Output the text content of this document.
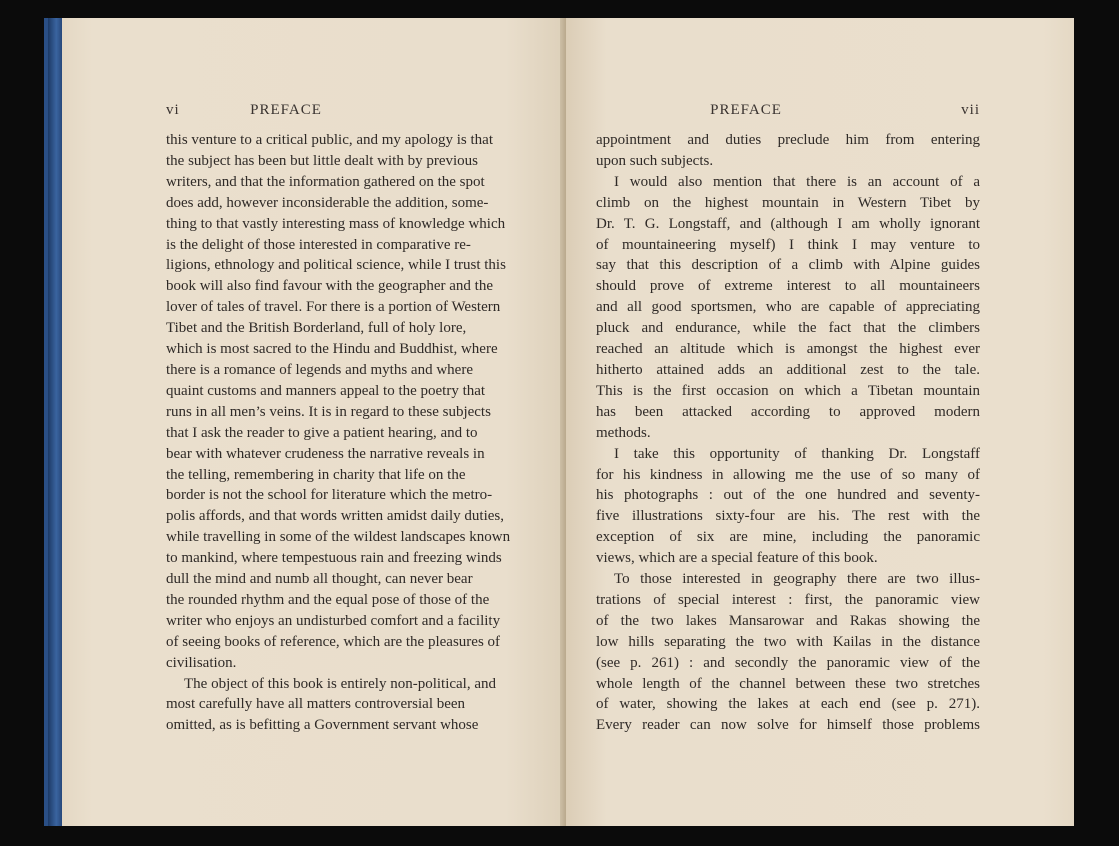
vi	PREFACE
this venture to a critical public, and my apology is that
the subject has been but little dealt with by previous
writers, and that the information gathered on the spot
does add, however inconsiderable the addition, some-
thing to that vastly interesting mass of knowledge which
is the delight of those interested in comparative re-
ligions, ethnology and political science, while I trust this
book will also find favour with the geographer and the
lover of tales of travel. For there is a portion of Western
Tibet and the British Borderland, full of holy lore,
which is most sacred to the Hindu and Buddhist, where
there is a romance of legends and myths and where
quaint customs and manners appeal to the poetry that
runs in all men’s veins. It is in regard to these subjects
that I ask the reader to give a patient hearing, and to
bear with whatever crudeness the narrative reveals in
the telling, remembering in charity that life on the
border is not the school for literature which the metro-
polis affords, and that words written amidst daily duties,
while travelling in some of the wildest landscapes known
to mankind, where tempestuous rain and freezing winds
dull the mind and numb all thought, can never bear
the rounded rhythm and the equal pose of those of the
writer who enjoys an undisturbed comfort and a facility
of seeing books of reference, which are the pleasures of
civilisation.
The object of this book is entirely non-political, and
most carefully have all matters controversial been
omitted, as is befitting a Government servant whose
PREFACE	vii
appointment and duties preclude him from entering
upon such subjects.
I would also mention that there is an account of a
climb on the highest mountain in Western Tibet by
Dr. T. G. Longstaff, and (although I am wholly ignorant
of mountaineering myself) I think I may venture to
say that this description of a climb with Alpine guides
should prove of extreme interest to all mountaineers
and all good sportsmen, who are capable of appreciating
pluck and endurance, while the fact that the climbers
reached an altitude which is amongst the highest ever
hitherto attained adds an additional zest to the tale.
This is the first occasion on which a Tibetan mountain
has been attacked according to approved modern
methods.
I take this opportunity of thanking Dr. Longstaff
for his kindness in allowing me the use of so many of
his photographs : out of the one hundred and seventy-
five illustrations sixty-four are his. The rest with the
exception of six are mine, including the panoramic
views, which are a special feature of this book.
To those interested in geography there are two illus-
trations of special interest : first, the panoramic view
of the two lakes Mansarowar and Rakas showing the
low hills separating the two with Kailas in the distance
(see p. 261) : and secondly the panoramic view of the
whole length of the channel between these two stretches
of water, showing the lakes at each end (see p. 271).
Every reader can now solve for himself those problems
